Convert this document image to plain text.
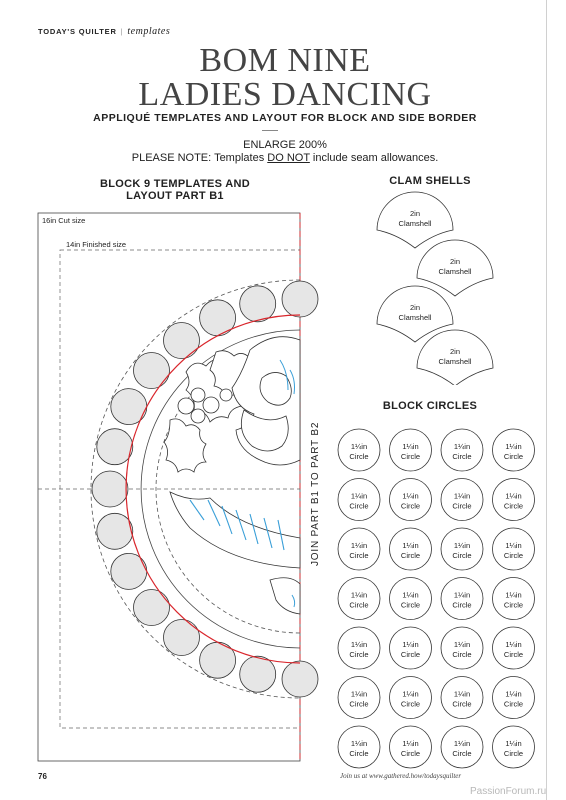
TODAY'S QUILTER | templates
BOM NINE
LADIES DANCING
APPLIQUÉ TEMPLATES AND LAYOUT FOR BLOCK AND SIDE BORDER
ENLARGE 200%
PLEASE NOTE: Templates DO NOT include seam allowances.
BLOCK 9 TEMPLATES AND
LAYOUT PART B1
CLAM SHELLS
BLOCK CIRCLES
16in Cut size
14in Finished size
JOIN PART B1 TO PART B2
2in
Clamshell
2in
Clamshell
2in
Clamshell
2in
Clamshell
1¼in
Circle
1¼in
Circle
1¼in
Circle
1¼in
Circle
1¼in
Circle
1¼in
Circle
1¼in
Circle
1¼in
Circle
1¼in
Circle
1¼in
Circle
1¼in
Circle
1¼in
Circle
1¼in
Circle
1¼in
Circle
1¼in
Circle
1¼in
Circle
1¼in
Circle
1¼in
Circle
1¼in
Circle
1¼in
Circle
1¼in
Circle
1¼in
Circle
1¼in
Circle
1¼in
Circle
1¼in
Circle
1¼in
Circle
1¼in
Circle
1¼in
Circle
76	Join us at www.gathered.how/todaysquilter
PassionForum.ru
